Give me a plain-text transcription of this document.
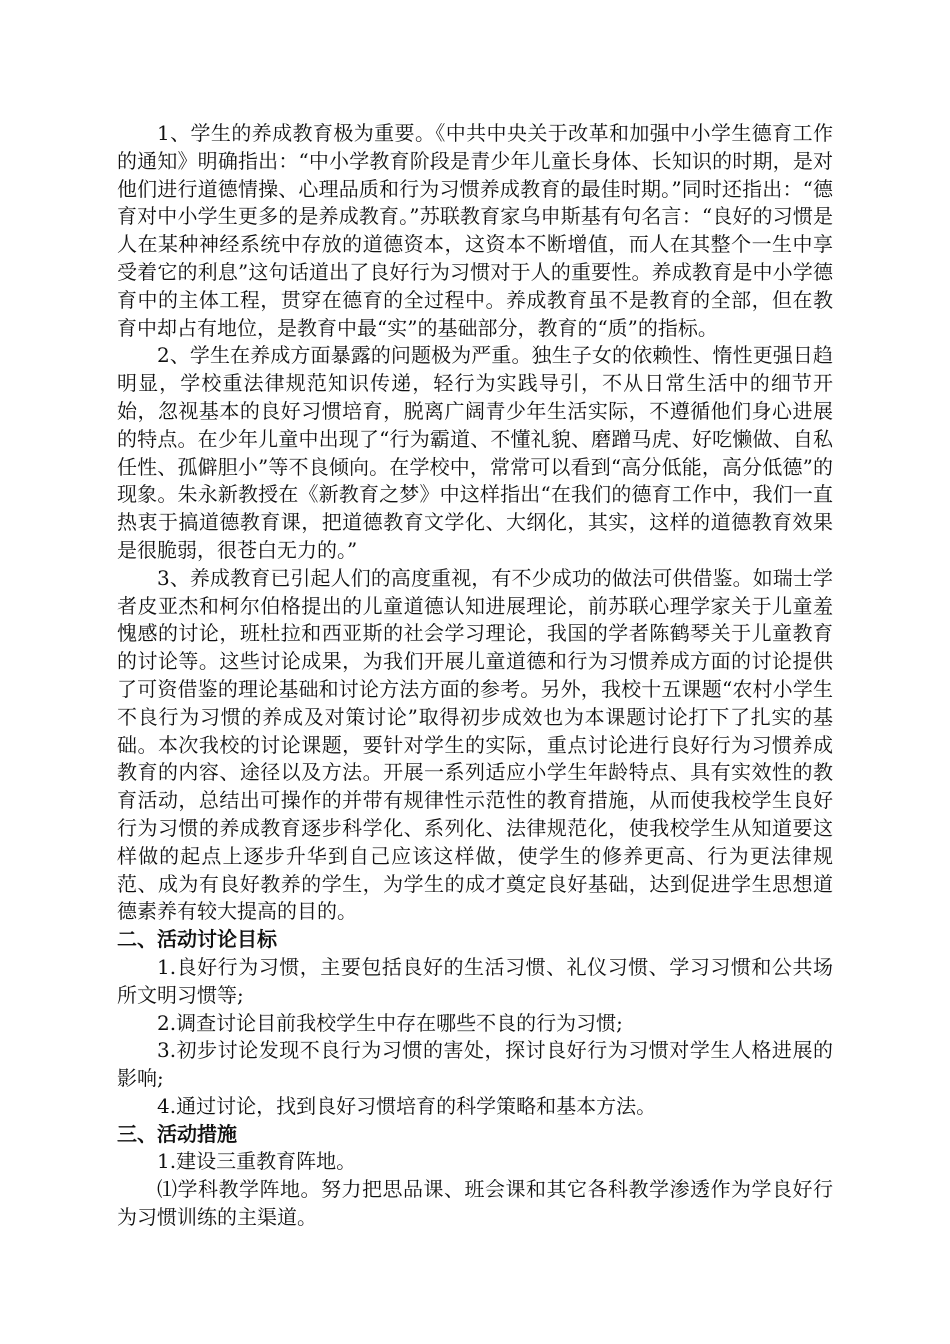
1、学生的养成教育极为重要。《中共中央关于改革和加强中小学生德育工作的通知》明确指出：“中小学教育阶段是青少年儿童长身体、长知识的时期，是对他们进行道德情操、心理品质和行为习惯养成教育的最佳时期。”同时还指出：“德育对中小学生更多的是养成教育。”苏联教育家乌申斯基有句名言：“良好的习惯是人在某种神经系统中存放的道德资本，这资本不断增值，而人在其整个一生中享受着它的利息”这句话道出了良好行为习惯对于人的重要性。养成教育是中小学德育中的主体工程，贯穿在德育的全过程中。养成教育虽不是教育的全部，但在教育中却占有地位，是教育中最“实”的基础部分，教育的“质”的指标。

2、学生在养成方面暴露的问题极为严重。独生子女的依赖性、惰性更强日趋明显，学校重法律规范知识传递，轻行为实践导引，不从日常生活中的细节开始，忽视基本的良好习惯培育，脱离广阔青少年生活实际，不遵循他们身心进展的特点。在少年儿童中出现了“行为霸道、不懂礼貌、磨蹭马虎、好吃懒做、自私任性、孤僻胆小”等不良倾向。在学校中，常常可以看到“高分低能，高分低德”的现象。朱永新教授在《新教育之梦》中这样指出“在我们的德育工作中，我们一直热衷于搞道德教育课，把道德教育文学化、大纲化，其实，这样的道德教育效果是很脆弱，很苍白无力的。”

3、养成教育已引起人们的高度重视，有不少成功的做法可供借鉴。如瑞士学者皮亚杰和柯尔伯格提出的儿童道德认知进展理论，前苏联心理学家关于儿童羞愧感的讨论，班杜拉和西亚斯的社会学习理论，我国的学者陈鹤琴关于儿童教育的讨论等。这些讨论成果，为我们开展儿童道德和行为习惯养成方面的讨论提供了可资借鉴的理论基础和讨论方法方面的参考。另外，我校十五课题“农村小学生不良行为习惯的养成及对策讨论”取得初步成效也为本课题讨论打下了扎实的基础。本次我校的讨论课题，要针对学生的实际，重点讨论进行良好行为习惯养成教育的内容、途径以及方法。开展一系列适应小学生年龄特点、具有实效性的教育活动，总结出可操作的并带有规律性示范性的教育措施，从而使我校学生良好行为习惯的养成教育逐步科学化、系列化、法律规范化，使我校学生从知道要这样做的起点上逐步升华到自己应该这样做，使学生的修养更高、行为更法律规范、成为有良好教养的学生，为学生的成才奠定良好基础，达到促进学生思想道德素养有较大提高的目的。

二、活动讨论目标

1.良好行为习惯，主要包括良好的生活习惯、礼仪习惯、学习习惯和公共场所文明习惯等;

2.调查讨论目前我校学生中存在哪些不良的行为习惯;

3.初步讨论发现不良行为习惯的害处，探讨良好行为习惯对学生人格进展的影响;

4.通过讨论，找到良好习惯培育的科学策略和基本方法。

三、活动措施

1.建设三重教育阵地。

⑴学科教学阵地。努力把思品课、班会课和其它各科教学渗透作为学良好行为习惯训练的主渠道。
